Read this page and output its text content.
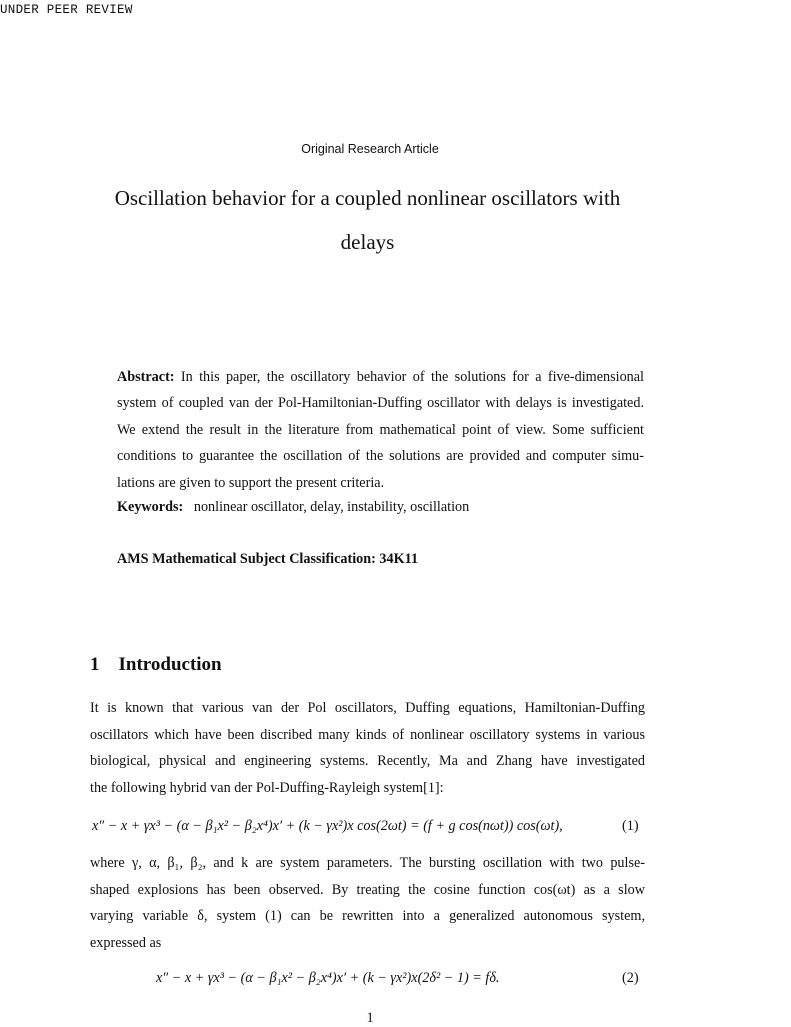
UNDER PEER REVIEW
Original Research Article
Oscillation behavior for a coupled nonlinear oscillators with
delays
Abstract: In this paper, the oscillatory behavior of the solutions for a five-dimensional
system of coupled van der Pol-Hamiltonian-Duffing oscillator with delays is investigated.
We extend the result in the literature from mathematical point of view. Some sufficient
conditions to guarantee the oscillation of the solutions are provided and computer simu-
lations are given to support the present criteria.
Keywords: nonlinear oscillator, delay, instability, oscillation
AMS Mathematical Subject Classification: 34K11
1 Introduction
It is known that various van der Pol oscillators, Duffing equations, Hamiltonian-Duffing
oscillators which have been discribed many kinds of nonlinear oscillatory systems in various
biological, physical and engineering systems. Recently, Ma and Zhang have investigated
the following hybrid van der Pol-Duffing-Rayleigh system[1]:
x″ − x + γx³ − (α − β₁x² − β₂x⁴)x′ + (k − γx²)x cos(2ωt) = (f + g cos(nωt)) cos(ωt),	(1)
where γ, α, β₁, β₂, and k are system parameters. The bursting oscillation with two pulse-
shaped explosions has been observed. By treating the cosine function cos(ωt) as a slow
varying variable δ, system (1) can be rewritten into a generalized autonomous system,
expressed as
x″ − x + γx³ − (α − β₁x² − β₂x⁴)x′ + (k − γx²)x(2δ² − 1) = fδ.	(2)
1
